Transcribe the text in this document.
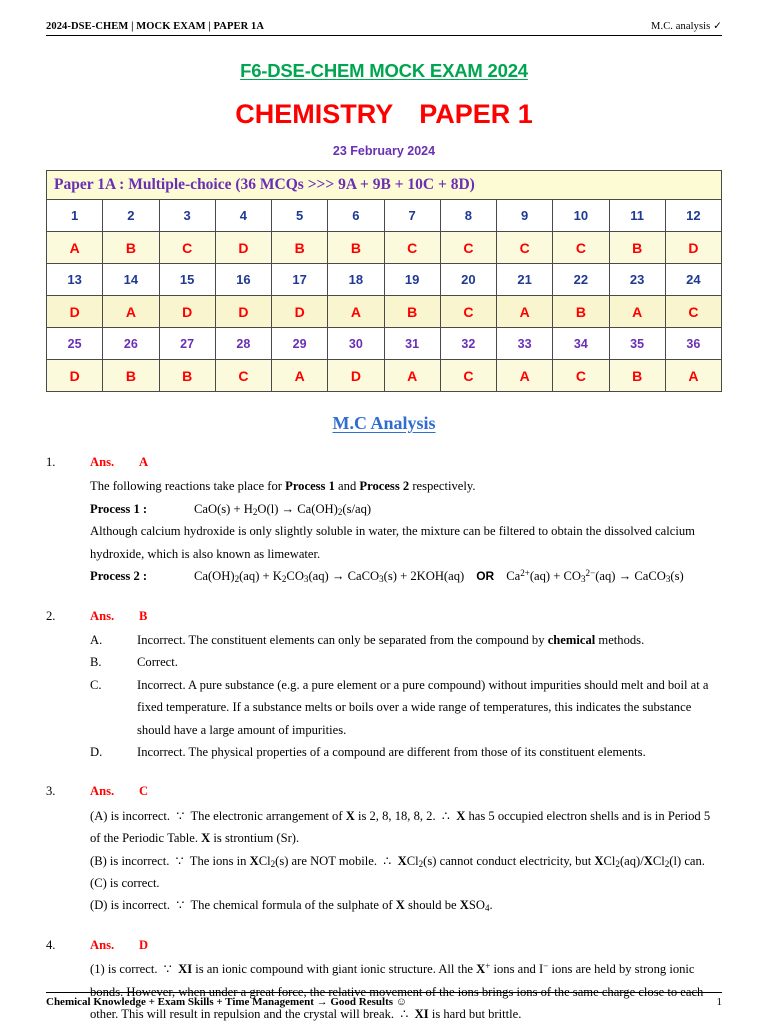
2024-DSE-CHEM | MOCK EXAM | PAPER 1A	M.C. analysis ✓
F6-DSE-CHEM MOCK EXAM 2024
CHEMISTRY PAPER 1
23 February 2024
Paper 1A : Multiple-choice (36 MCQs >>> 9A + 9B + 10C + 8D)											
1	2	3	4	5	6	7	8	9	10	11	12
A	B	C	D	B	B	C	C	C	C	B	D
13	14	15	16	17	18	19	20	21	22	23	24
D	A	D	D	D	A	B	C	A	B	A	C
25	26	27	28	29	30	31	32	33	34	35	36
D	B	B	C	A	D	A	C	A	C	B	A
M.C Analysis
1.	Ans.	A
The following reactions take place for Process 1 and Process 2 respectively.
Process 1 :	$CaO(s) + H_2O(l) \to Ca(OH)_2(s/aq)$
Although calcium hydroxide is only slightly soluble in water, the mixture can be filtered to obtain the dissolved calcium hydroxide, which is also known as limewater.
Process 2 :	$Ca(OH)_2(aq) + K_2CO_3(aq)$ → CaCO$_3$(s) + 2KOH(aq) OR $Ca^{2+}(aq) + CO_3^{2-}(aq)$ → CaCO$_3$(s)
2.	Ans.	B
A.	Incorrect. The constituent elements can only be separated from the compound by chemical methods.
B.	Correct.
C.	Incorrect. A pure substance (e.g. a pure element or a pure compound) without impurities should melt and boil at a fixed temperature. If a substance melts or boils over a wide range of temperatures, this indicates the substance should have a large amount of impurities.
D.	Incorrect. The physical properties of a compound are different from those of its constituent elements.
3.	Ans.	C
(A) is incorrect.  ∵  The electronic arrangement of X is 2, 8, 18, 8, 2.  ∴  X has 5 occupied electron shells and is in Period 5 of the Periodic Table. X is strontium (Sr).
(B) is incorrect.  ∵  The ions in XCl$_2$(s) are NOT mobile.  ∴  XCl$_2$(s) cannot conduct electricity, but XCl$_2$(aq)/XCl$_2$(l) can.
(C) is correct.
(D) is incorrect.  ∵  The chemical formula of the sulphate of X should be $XSO_4$.
4.	Ans.	D
(1) is correct.  ∵  XI is an ionic compound with giant ionic structure. All the X+ ions and I− ions are held by strong ionic bonds. However, when under a great force, the relative movement of the ions brings ions of the same charge close to each other. This will result in repulsion and the crystal will break.  ∴  XI is hard but brittle.
Chemical Knowledge + Exam Skills + Time Management → Good Results ☺	1
